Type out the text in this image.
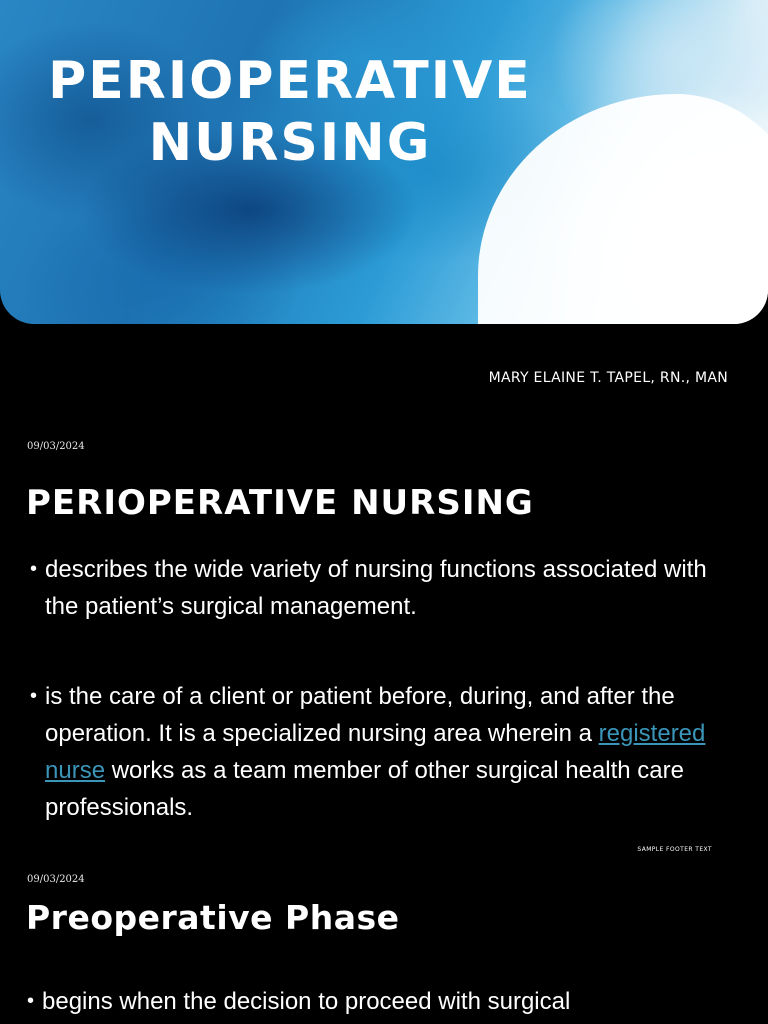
PERIOPERATIVE
NURSING
MARY ELAINE T. TAPEL, RN., MAN
09/03/2024
PERIOPERATIVE NURSING
• describes the wide variety of nursing functions associated with the patient’s surgical management.
• is the care of a client or patient before, during, and after the operation. It is a specialized nursing area wherein a registered nurse works as a team member of other surgical health care professionals.
SAMPLE FOOTER TEXT
09/03/2024
Preoperative Phase
• begins when the decision to proceed with surgical
